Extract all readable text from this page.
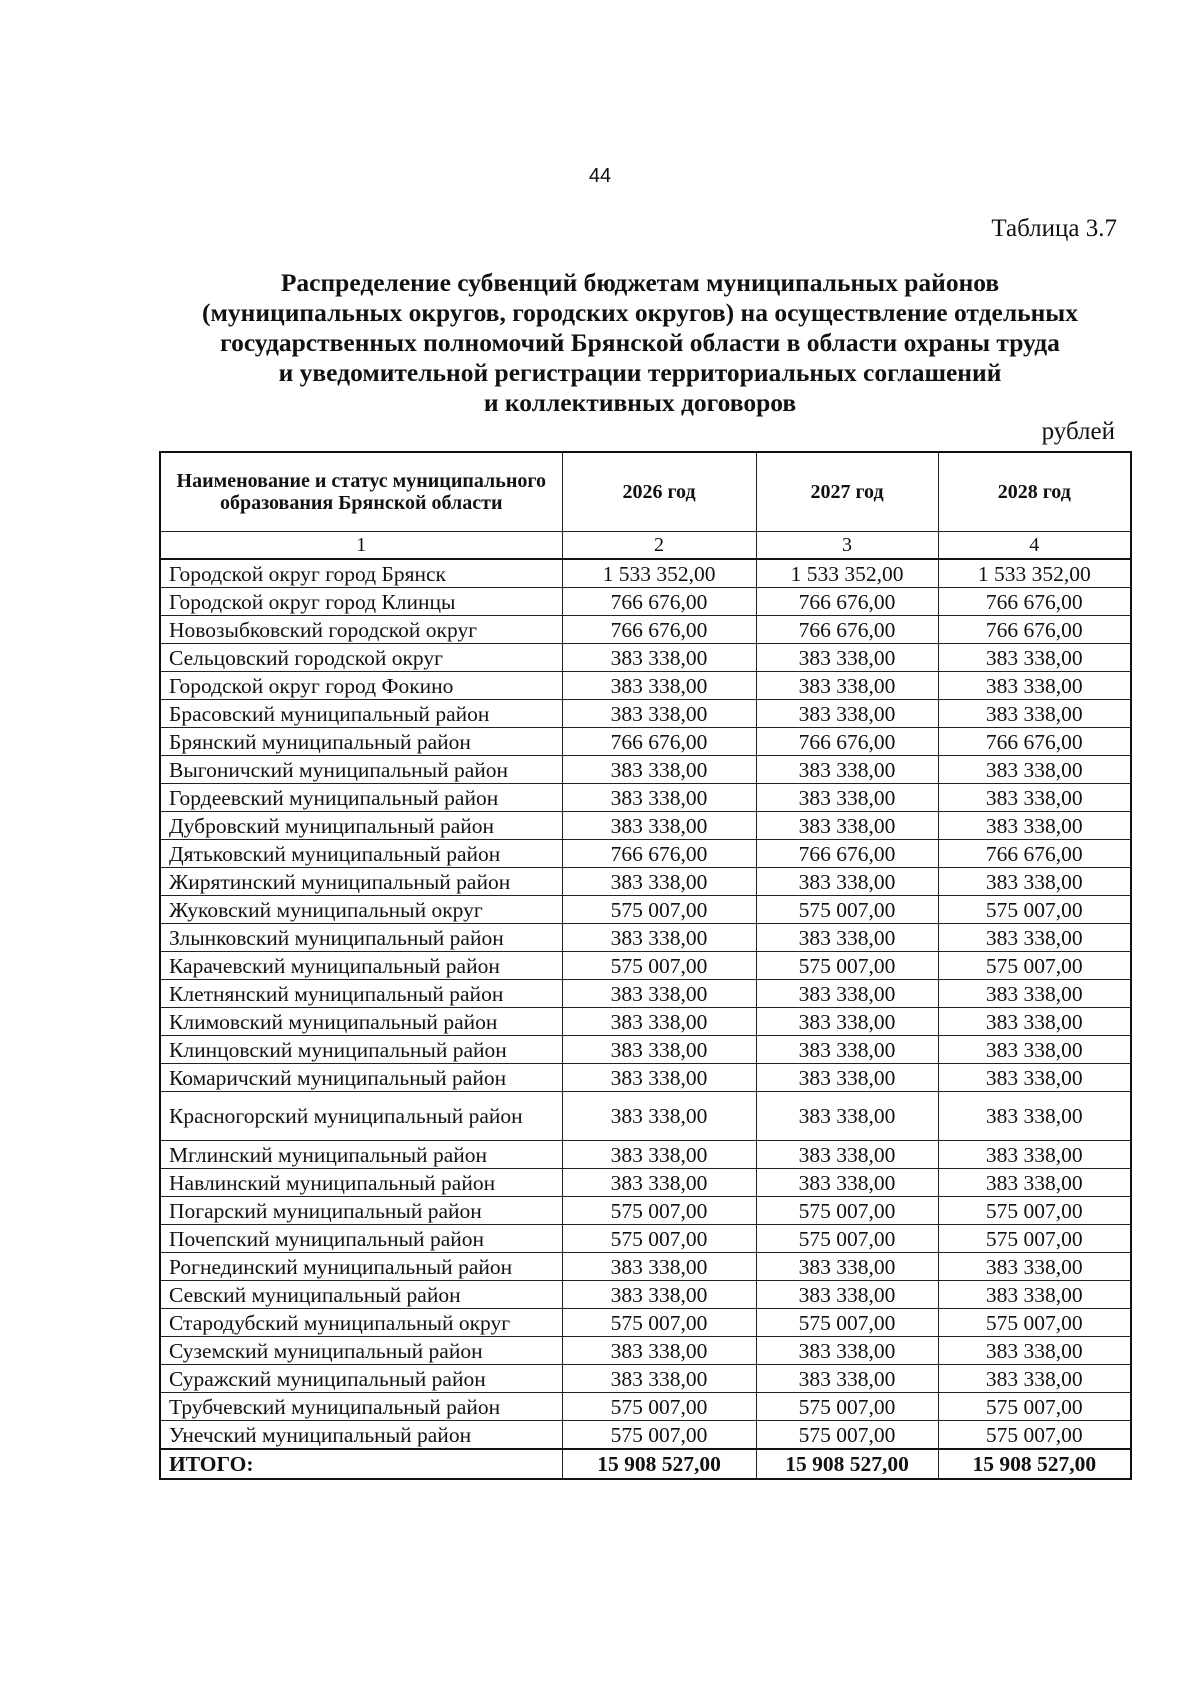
44
Таблица 3.7
Распределение субвенций бюджетам муниципальных районов
(муниципальных округов, городских округов) на осуществление отдельных
государственных полномочий Брянской области в области охраны труда
и уведомительной регистрации территориальных соглашений
и коллективных договоров
рублей
Наименование и статус муниципального образования Брянской области	2026 год	2027 год	2028 год
1	2	3	4
Городской округ город Брянск	1 533 352,00	1 533 352,00	1 533 352,00
Городской округ город Клинцы	766 676,00	766 676,00	766 676,00
Новозыбковский городской округ	766 676,00	766 676,00	766 676,00
Сельцовский городской округ	383 338,00	383 338,00	383 338,00
Городской округ город Фокино	383 338,00	383 338,00	383 338,00
Брасовский муниципальный район	383 338,00	383 338,00	383 338,00
Брянский муниципальный район	766 676,00	766 676,00	766 676,00
Выгоничский муниципальный район	383 338,00	383 338,00	383 338,00
Гордеевский муниципальный район	383 338,00	383 338,00	383 338,00
Дубровский муниципальный район	383 338,00	383 338,00	383 338,00
Дятьковский муниципальный район	766 676,00	766 676,00	766 676,00
Жирятинский муниципальный район	383 338,00	383 338,00	383 338,00
Жуковский муниципальный округ	575 007,00	575 007,00	575 007,00
Злынковский муниципальный район	383 338,00	383 338,00	383 338,00
Карачевский муниципальный район	575 007,00	575 007,00	575 007,00
Клетнянский муниципальный район	383 338,00	383 338,00	383 338,00
Климовский муниципальный район	383 338,00	383 338,00	383 338,00
Клинцовский муниципальный район	383 338,00	383 338,00	383 338,00
Комаричский муниципальный район	383 338,00	383 338,00	383 338,00
Красногорский муниципальный район	383 338,00	383 338,00	383 338,00
Мглинский муниципальный район	383 338,00	383 338,00	383 338,00
Навлинский муниципальный район	383 338,00	383 338,00	383 338,00
Погарский муниципальный район	575 007,00	575 007,00	575 007,00
Почепский муниципальный район	575 007,00	575 007,00	575 007,00
Рогнединский муниципальный район	383 338,00	383 338,00	383 338,00
Севский муниципальный район	383 338,00	383 338,00	383 338,00
Стародубский муниципальный округ	575 007,00	575 007,00	575 007,00
Суземский муниципальный район	383 338,00	383 338,00	383 338,00
Суражский муниципальный район	383 338,00	383 338,00	383 338,00
Трубчевский муниципальный район	575 007,00	575 007,00	575 007,00
Унечский муниципальный район	575 007,00	575 007,00	575 007,00
ИТОГО:	15 908 527,00	15 908 527,00	15 908 527,00
